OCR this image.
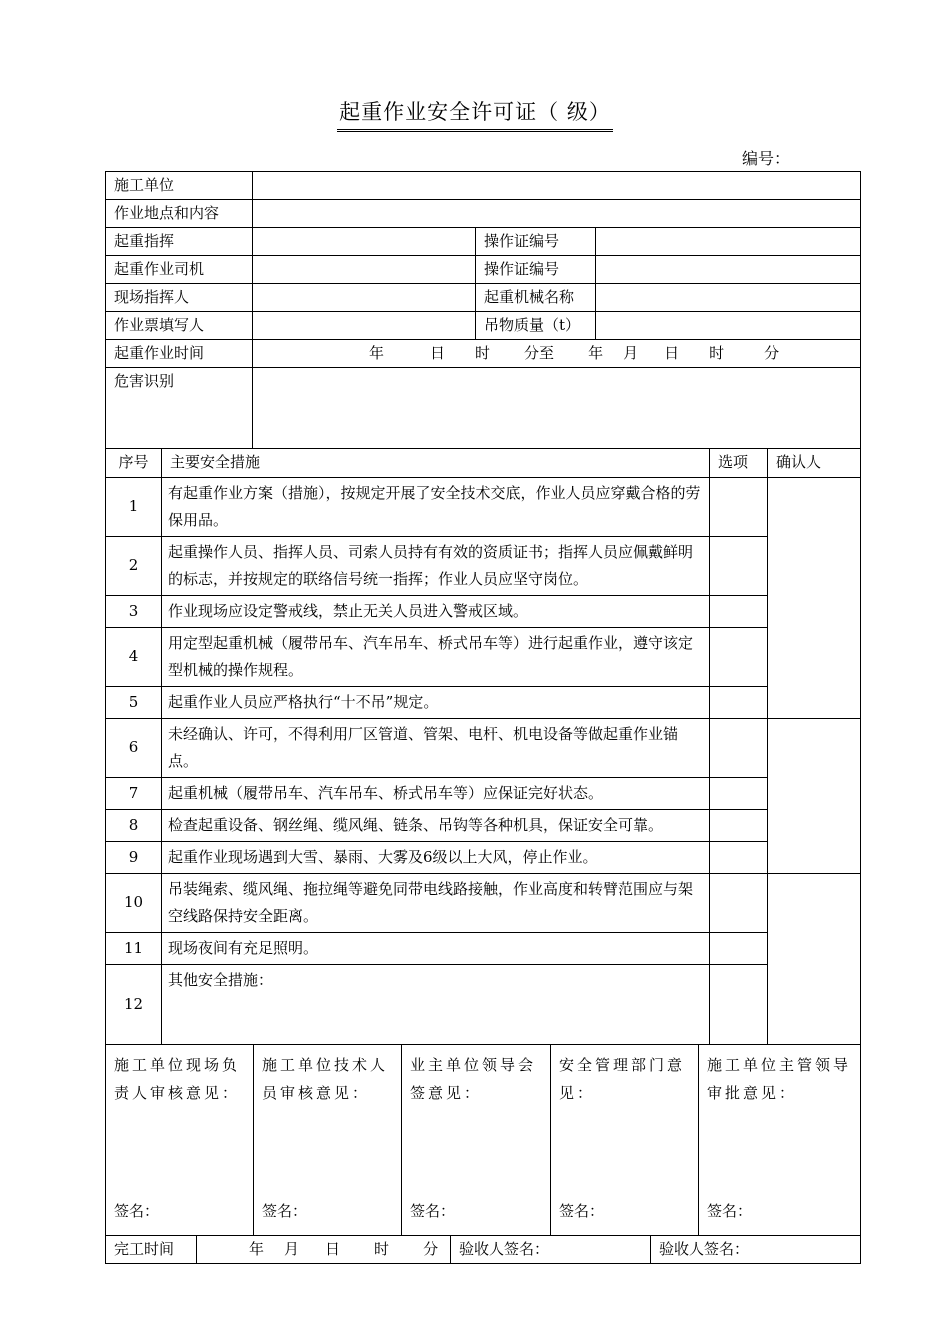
起重作业安全许可证（ 级）
编号：
施工单位			
作业地点和内容			
起重指挥		操作证编号	
起重作业司机		操作证编号	
现场指挥人		起重机械名称	
作业票填写人		吊物质量（t）	
起重作业时间	年 日 时 分至 年 月 日 时 分		
危害识别			
序号	主要安全措施	选项	确认人
1	有起重作业方案（措施），按规定开展了安全技术交底，作业人员应穿戴合格的劳保用品。		
2	起重操作人员、指挥人员、司索人员持有有效的资质证书；指挥人员应佩戴鲜明的标志，并按规定的联络信号统一指挥；作业人员应坚守岗位。		
3	作业现场应设定警戒线，禁止无关人员进入警戒区域。		
4	用定型起重机械（履带吊车、汽车吊车、桥式吊车等）进行起重作业，遵守该定型机械的操作规程。		
5	起重作业人员应严格执行“十不吊”规定。		
6	未经确认、许可，不得利用厂区管道、管架、电杆、机电设备等做起重作业锚点。		
7	起重机械（履带吊车、汽车吊车、桥式吊车等）应保证完好状态。		
8	检查起重设备、钢丝绳、缆风绳、链条、吊钩等各种机具，保证安全可靠。		
9	起重作业现场遇到大雪、暴雨、大雾及6级以上大风，停止作业。		
10	吊装绳索、缆风绳、拖拉绳等避免同带电线路接触，作业高度和转臂范围应与架空线路保持安全距离。		
11	现场夜间有充足照明。		
12	其他安全措施：		
施工单位现场负责人审核意见：
签名：

施工单位技术人员审核意见：
签名：

业主单位领导会签意见：
签名：

安全管理部门意见：
签名：

施工单位主管领导审批意见：
签名：
完工时间	年 月 日 时 分	验收人签名：	验收人签名：
